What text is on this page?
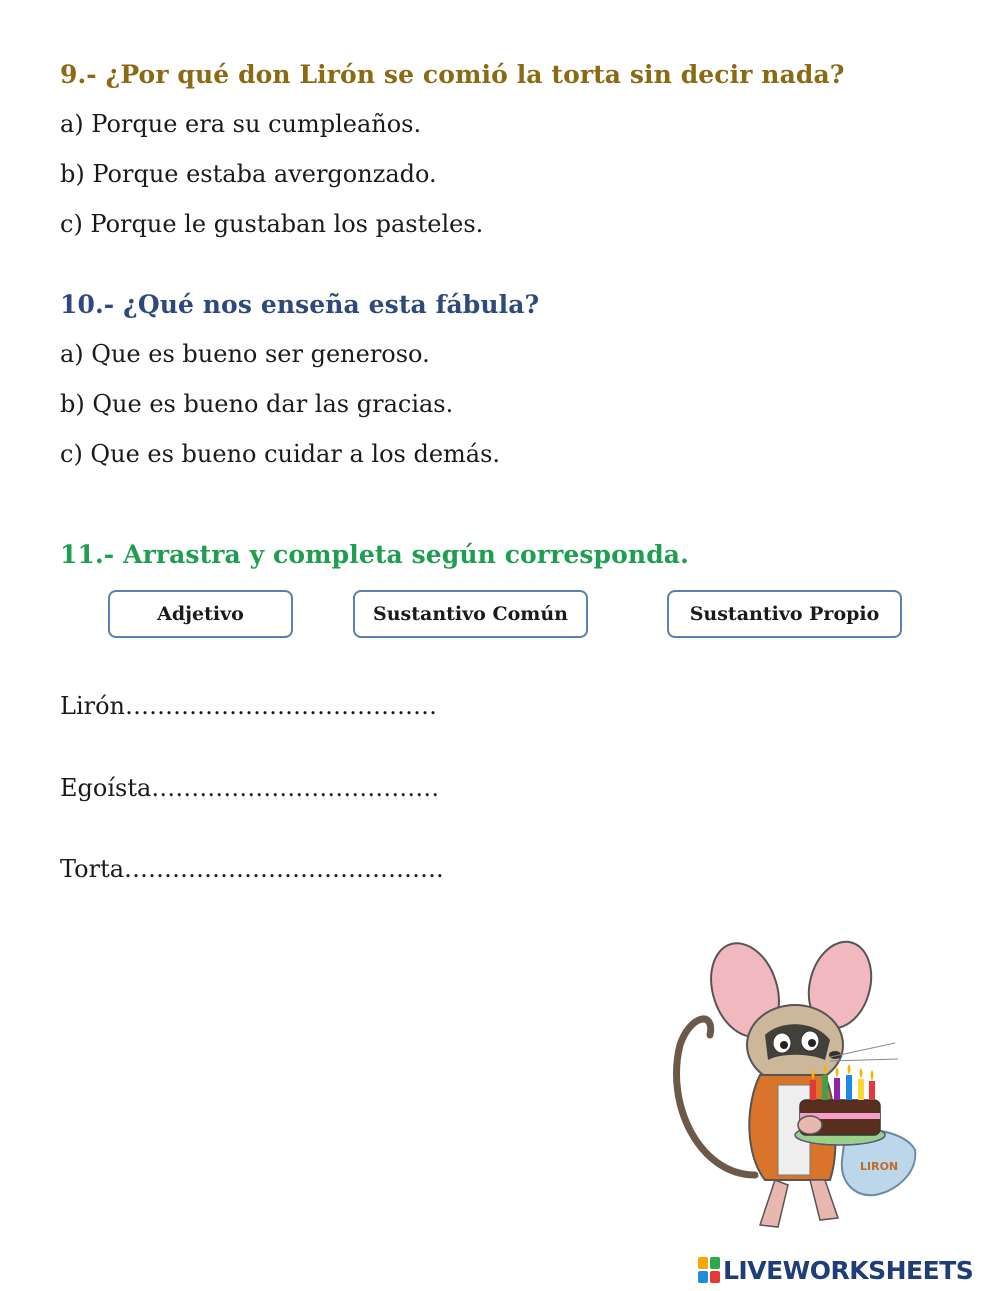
9.- ¿Por qué don Lirón se comió la torta sin decir nada?

a) Porque era su cumpleaños.

b) Porque estaba avergonzado.

c) Porque le gustaban los pasteles.

10.- ¿Qué nos enseña esta fábula?

a) Que es bueno ser generoso.

b) Que es bueno dar las gracias.

c) Que es bueno cuidar a los demás.

11.- Arrastra y completa según corresponda.
Adjetivo	Sustantivo Común	Sustantivo Propio

Lirón…………………………………

Egoísta………………………………

Torta………………………………….

LIRON
LIVEWORKSHEETS
